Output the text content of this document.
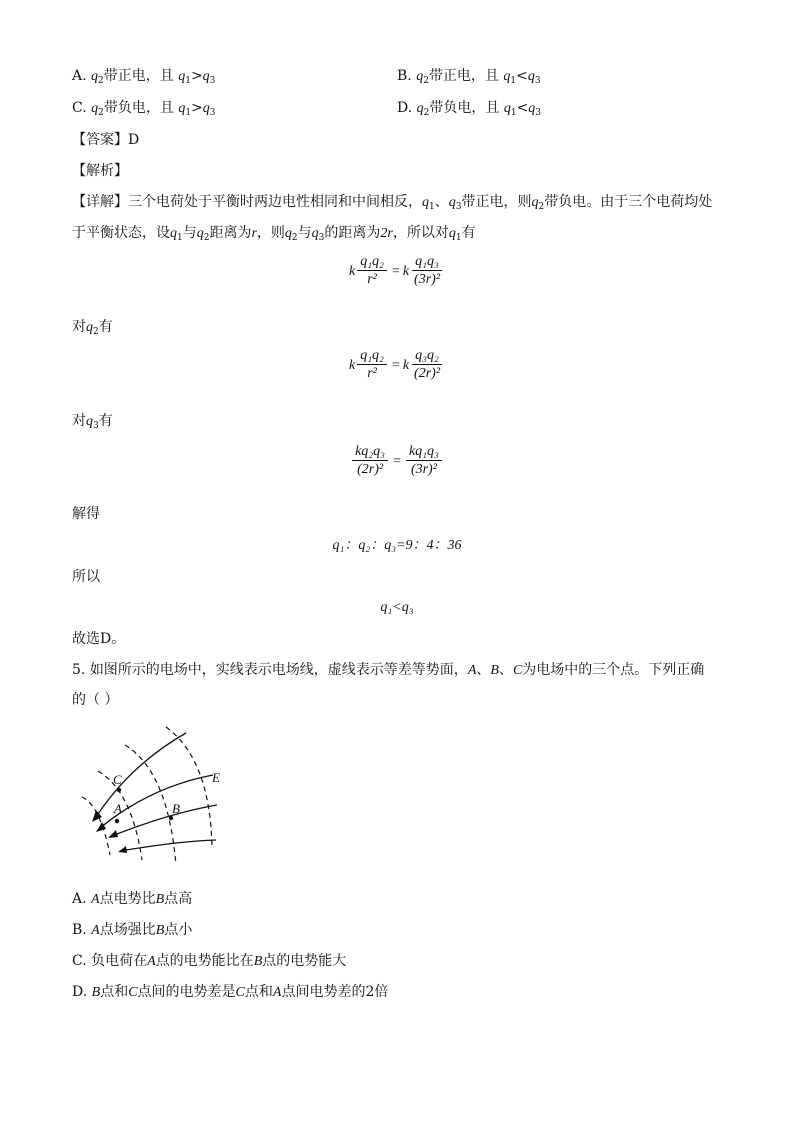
A. $q_2$带正电，且 $q_1>q_3$	B. $q_2$带正电，且 $q_1<q_3$
C. $q_2$带负电，且 $q_1>q_3$	D. $q_2$带负电，且 $q_1<q_3$
【答案】D
【解析】
【详解】三个电荷处于平衡时两边电性相同和中间相反，$q_1$、$q_3$带正电，则$q_2$带负电。由于三个电荷均处
于平衡状态，设$q_1$与$q_2$距离为r，则$q_2$与$q_3$的距离为2r，所以对$q_1$有
k $\frac{\text{q₁q₂}}{\text{r²}} = k \frac{\text{q₁q₃}}{\text{(3r)²}}$
对$q_2$有
k $\frac{\text{q₁q₂}}{\text{r²}} = k \frac{\text{q₃q₂}}{\text{(2r)²}}$
对$q_3$有
$\frac{\text{kq₂q₃}}{\text{(2r)²}} = \frac{\text{kq₁q₃}}{\text{(3r)²}}$
解得
q₁：q₂：q₃=9：4：36
所以
q₁<q₃
故选D。
5. 如图所示的电场中，实线表示电场线，虚线表示等差等势面，A、B、C为电场中的三个点。下列正确
的（ ）
C
A	B
E
A. A点电势比B点高
B. A点场强比B点小
C. 负电荷在A点的电势能比在B点的电势能大
D. B点和C点间的电势差是C点和A点间电势差的2倍
